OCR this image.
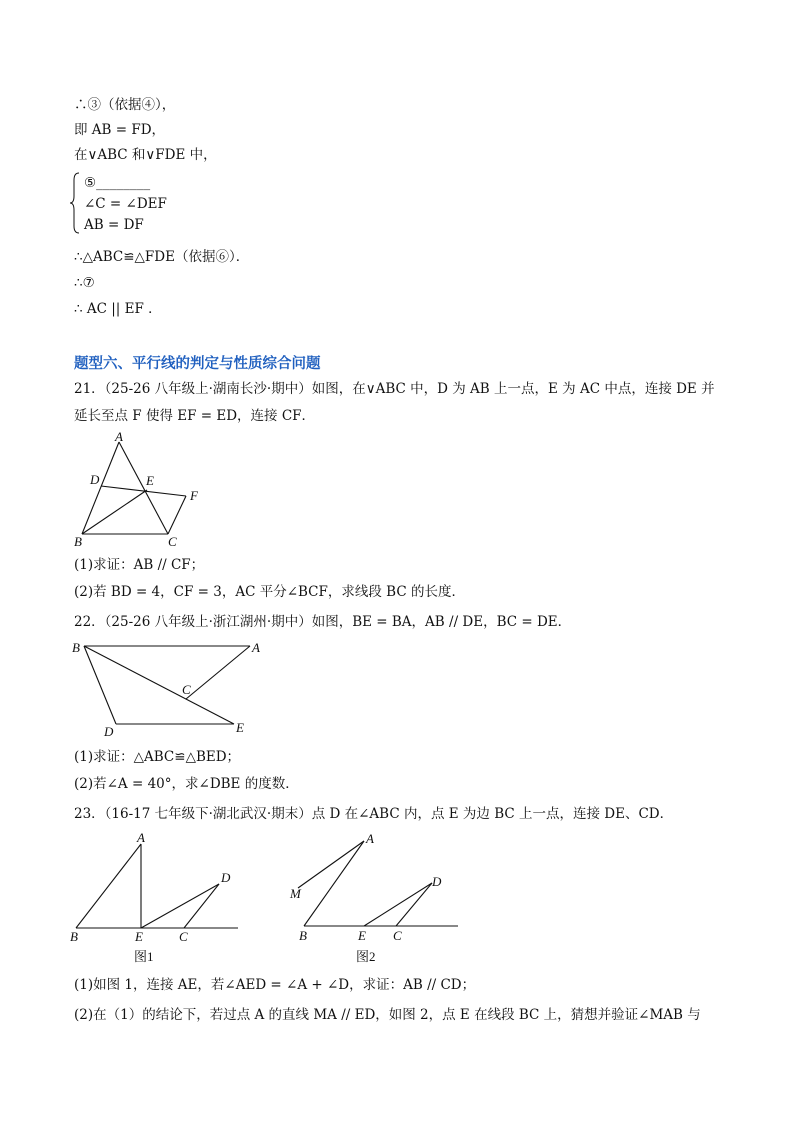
∴③（依据④），
即 AB = FD，
在∨ABC 和∨FDE 中，
⑤________
∠C = ∠DEF
AB = DF
∴△ABC≌△FDE（依据⑥）．
∴⑦
∴ AC || EF ．
题型六、平行线的判定与性质综合问题
21．（25-26 八年级上·湖南长沙·期中）如图，在∨ABC 中，D 为 AB 上一点，E 为 AC 中点，连接 DE 并
延长至点 F 使得 EF = ED，连接 CF．
A
D	E
F
B	C
(1)求证：AB // CF；
(2)若 BD = 4，CF = 3，AC 平分∠BCF，求线段 BC 的长度．
22．（25-26 八年级上·浙江湖州·期中）如图，BE = BA，AB // DE，BC = DE．
B	A
C
D	E
(1)求证：△ABC≌△BED；
(2)若∠A = 40°，求∠DBE 的度数．
23．（16-17 七年级下·湖北武汉·期末）点 D 在∠ABC 内，点 E 为边 BC 上一点，连接 DE、CD．
A
D
B	E	C
图1
A
M
D
B	E C
图2
(1)如图 1，连接 AE，若∠AED = ∠A + ∠D，求证：AB // CD；
(2)在（1）的结论下，若过点 A 的直线 MA // ED，如图 2，点 E 在线段 BC 上，猜想并验证∠MAB 与
